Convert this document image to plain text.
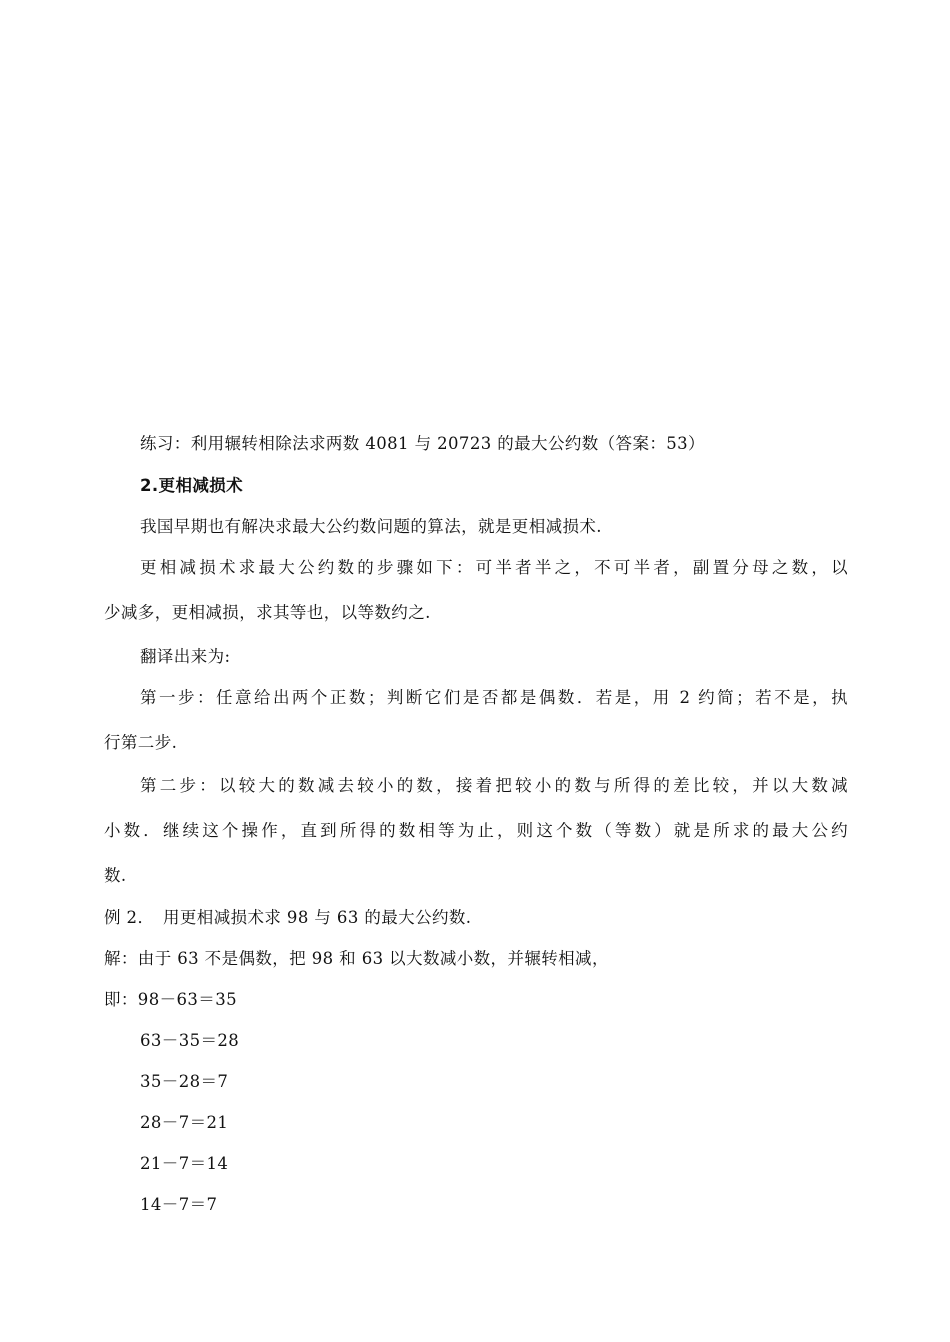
练习：利用辗转相除法求两数 4081 与 20723 的最大公约数（答案：53）
2.更相减损术
我国早期也有解决求最大公约数问题的算法，就是更相减损术.
更相减损术求最大公约数的步骤如下：可半者半之，不可半者，副置分母之数，以
少减多，更相减损，求其等也，以等数约之.
翻译出来为:
第一步：任意给出两个正数；判断它们是否都是偶数．若是，用 2 约简；若不是，执
行第二步.
第二步：以较大的数减去较小的数，接着把较小的数与所得的差比较，并以大数减
小数．继续这个操作，直到所得的数相等为止，则这个数（等数）就是所求的最大公约
数.
例 2．　用更相减损术求 98 与 63 的最大公约数.
解：由于 63 不是偶数，把 98 和 63 以大数减小数，并辗转相减，
即：98－63＝35
63－35＝28
35－28＝7
28－7＝21
21－7＝14
14－7＝7
